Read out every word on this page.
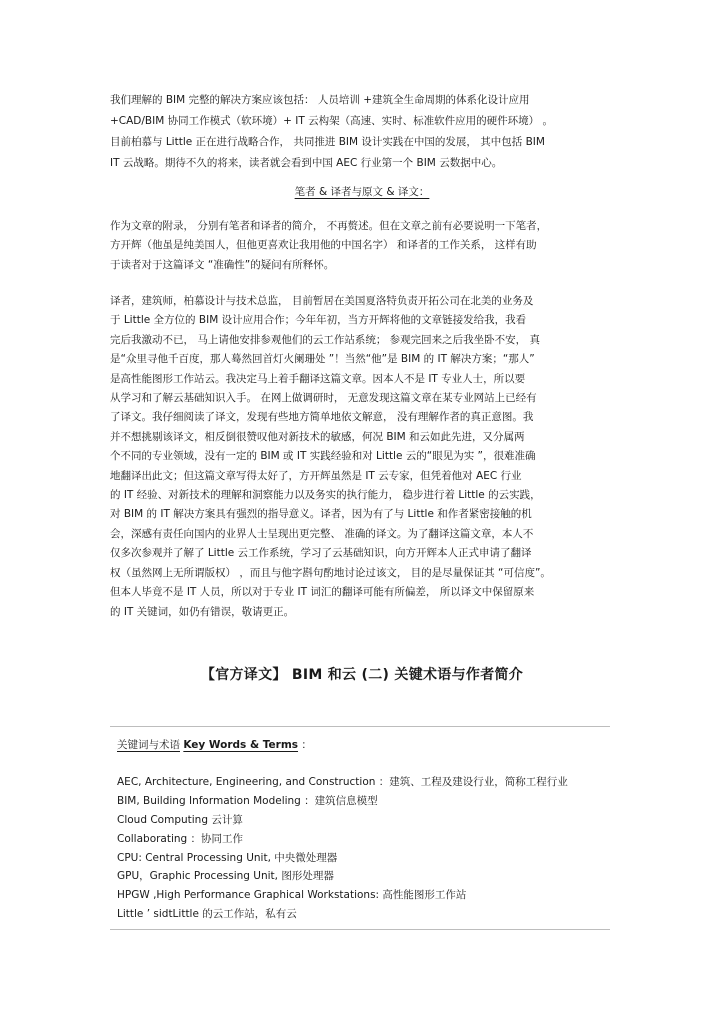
我们理解的 BIM 完整的解决方案应该包括： 人员培训 +建筑全生命周期的体系化设计应用
+CAD/BIM 协同工作模式（软环境）+ IT 云构架（高速、实时、标准软件应用的硬件环境） 。
目前柏慕与 Little 正在进行战略合作， 共同推进 BIM 设计实践在中国的发展， 其中包括 BIM
IT 云战略。期待不久的将来，读者就会看到中国 AEC 行业第一个 BIM 云数据中心。
笔者 & 译者与原文 & 译文：

作为文章的附录， 分别有笔者和译者的简介， 不再赘述。但在文章之前有必要说明一下笔者，

方开辉（他虽是纯美国人，但他更喜欢让我用他的中国名字） 和译者的工作关系， 这样有助

于读者对于这篇译文 “准确性”的疑问有所释怀。

译者，建筑师，柏慕设计与技术总监， 目前暂居在美国夏洛特负责开拓公司在北美的业务及

于 Little 全方位的 BIM 设计应用合作；今年年初，当方开辉将他的文章链接发给我，我看

完后我激动不已， 马上请他安排参观他们的云工作站系统； 参观完回来之后我坐卧不安， 真

是“众里寻他千百度，那人蓦然回首灯火阑珊处 ”！当然“他”是 BIM 的 IT 解决方案；“那人”

是高性能图形工作站云。我决定马上着手翻译这篇文章。因本人不是 IT 专业人士，所以要

从学习和了解云基础知识入手。 在网上做调研时， 无意发现这篇文章在某专业网站上已经有

了译文。我仔细阅读了译文，发现有些地方简单地依文解意， 没有理解作者的真正意图。我

并不想挑剔该译文，相反倒很赞叹他对新技术的敏感，何况 BIM 和云如此先进，又分属两

个不同的专业领域，没有一定的 BIM 或 IT 实践经验和对 Little 云的“眼见为实 ”，很难准确

地翻译出此文；但这篇文章写得太好了，方开辉虽然是 IT 云专家，但凭着他对 AEC 行业

的 IT 经验、对新技术的理解和洞察能力以及务实的执行能力， 稳步进行着 Little 的云实践，

对 BIM 的 IT 解决方案具有强烈的指导意义。译者，因为有了与 Little 和作者紧密接触的机

会，深感有责任向国内的业界人士呈现出更完整、 准确的译文。为了翻译这篇文章，本人不

仅多次参观并了解了 Little 云工作系统，学习了云基础知识，向方开辉本人正式申请了翻译

权（虽然网上无所谓版权） ，而且与他字斟句酌地讨论过该文， 目的是尽量保证其 “可信度”。

但本人毕竟不是 IT 人员，所以对于专业 IT 词汇的翻译可能有所偏差， 所以译文中保留原来

的 IT 关键词，如仍有错误，敬请更正。

【官方译文】 BIM 和云 (二) 关键术语与作者简介
关键词与术语 Key Words & Terms ：
AEC, Architecture, Engineering, and Construction ：建筑、工程及建设行业，简称工程行业
BIM, Building Information Modeling ：建筑信息模型
Cloud Computing 云计算
Collaborating ：协同工作
CPU: Central Processing Unit, 中央微处理器
GPU，Graphic Processing Unit, 图形处理器
HPGW ,High Performance Graphical Workstations: 高性能图形工作站
Little ’ sidtLittle 的云工作站，私有云
